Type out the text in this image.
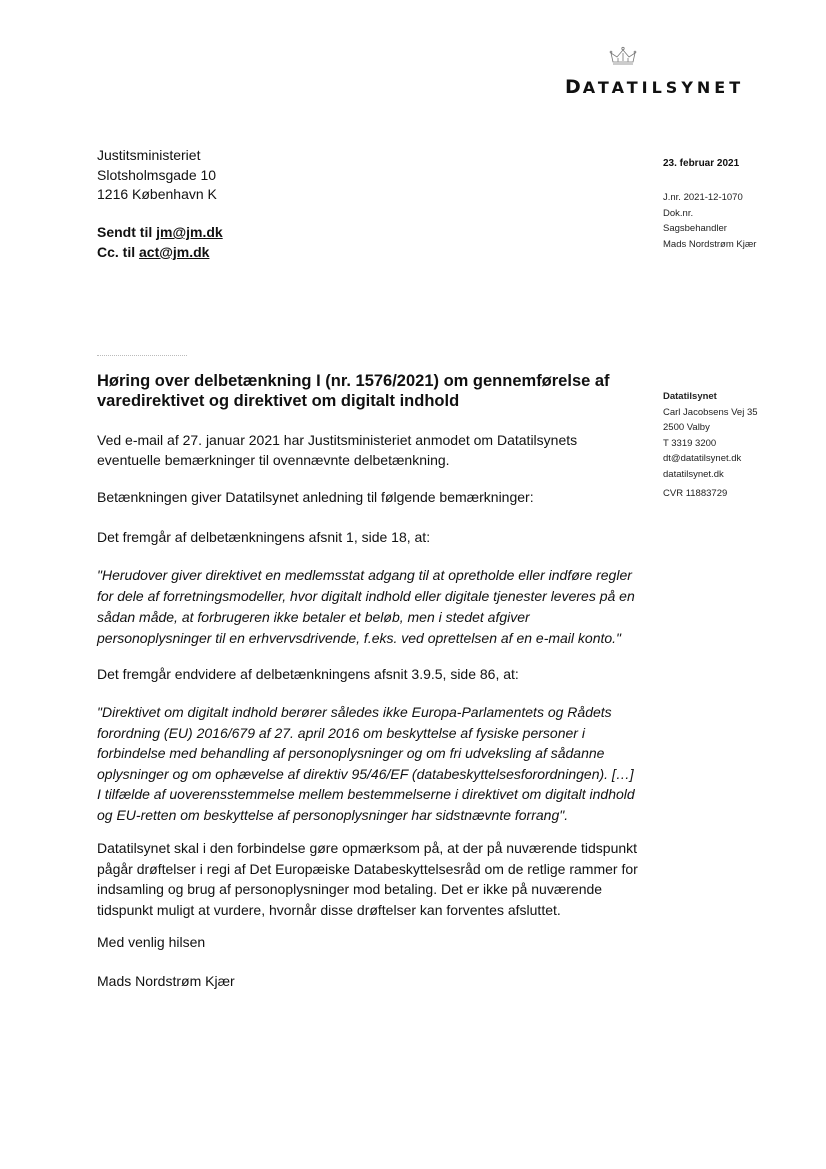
DATATILSYNET
Justitsministeriet
Slotsholmsgade 10
1216 København K
Sendt til jm@jm.dk
Cc. til act@jm.dk
23. februar 2021
J.nr. 2021-12-1070
Dok.nr.
Sagsbehandler
Mads Nordstrøm Kjær
Datatilsynet
Carl Jacobsens Vej 35
2500 Valby
T 3319 3200
dt@datatilsynet.dk
datatilsynet.dk
CVR 11883729
Høring over delbetænkning I (nr. 1576/2021) om gennemførelse af varedirektivet og direktivet om digitalt indhold

Ved e-mail af 27. januar 2021 har Justitsministeriet anmodet om Datatilsynets eventuelle bemærkninger til ovennævnte delbetænkning.

Betænkningen giver Datatilsynet anledning til følgende bemærkninger:

Det fremgår af delbetænkningens afsnit 1, side 18, at:

"Herudover giver direktivet en medlemsstat adgang til at opretholde eller indføre regler for dele af forretningsmodeller, hvor digitalt indhold eller digitale tjenester leveres på en sådan måde, at forbrugeren ikke betaler et beløb, men i stedet afgiver personoplysninger til en erhvervsdrivende, f.eks. ved oprettelsen af en e-mail konto."

Det fremgår endvidere af delbetænkningens afsnit 3.9.5, side 86, at:

"Direktivet om digitalt indhold berører således ikke Europa-Parlamentets og Rådets forordning (EU) 2016/679 af 27. april 2016 om beskyttelse af fysiske personer i forbindelse med behandling af personoplysninger og om fri udveksling af sådanne oplysninger og om ophævelse af direktiv 95/46/EF (databeskyttelsesforordningen). […] I tilfælde af uoverensstemmelse mellem bestemmelserne i direktivet om digitalt indhold og EU-retten om beskyttelse af personoplysninger har sidstnævnte forrang".

Datatilsynet skal i den forbindelse gøre opmærksom på, at der på nuværende tidspunkt pågår drøftelser i regi af Det Europæiske Databeskyttelsesråd om de retlige rammer for indsamling og brug af personoplysninger mod betaling. Det er ikke på nuværende tidspunkt muligt at vurdere, hvornår disse drøftelser kan forventes afsluttet.

Med venlig hilsen

Mads Nordstrøm Kjær
